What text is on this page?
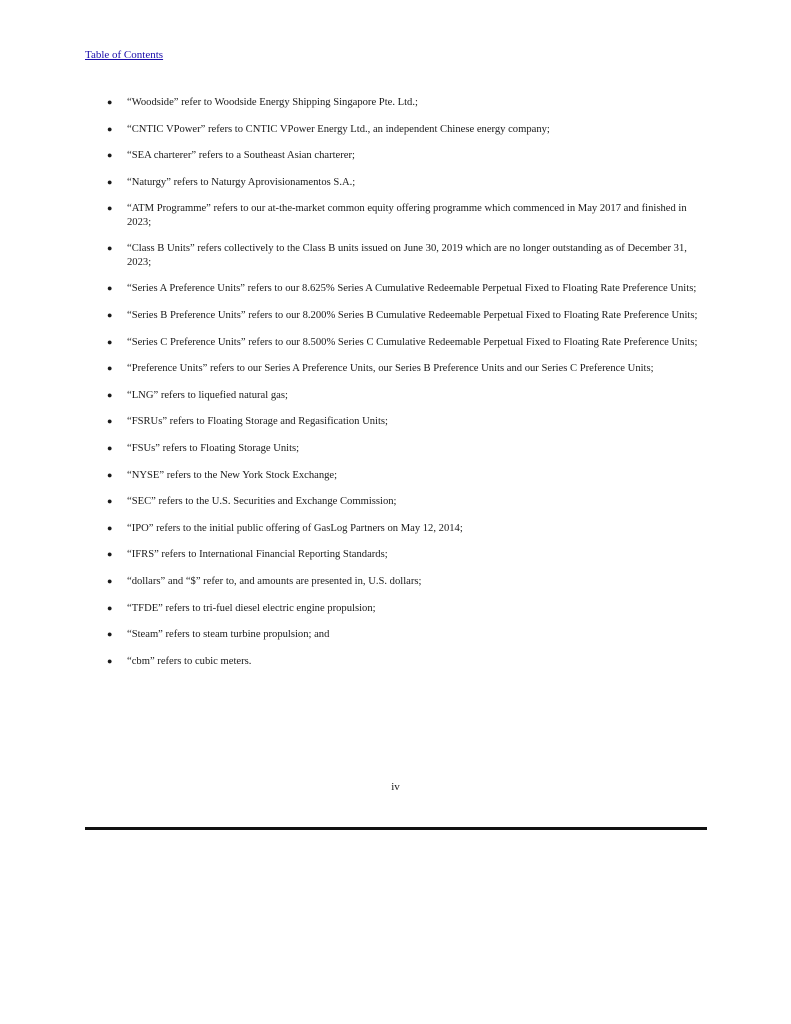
Table of Contents
●	“Woodside” refer to Woodside Energy Shipping Singapore Pte. Ltd.;
●	“CNTIC VPower” refers to CNTIC VPower Energy Ltd., an independent Chinese energy company;
●	“SEA charterer” refers to a Southeast Asian charterer;
●	“Naturgy” refers to Naturgy Aprovisionamentos S.A.;
●	“ATM Programme” refers to our at-the-market common equity offering programme which commenced in May 2017 and finished in 2023;
●	“Class B Units” refers collectively to the Class B units issued on June 30, 2019 which are no longer outstanding as of December 31, 2023;
●	“Series A Preference Units” refers to our 8.625% Series A Cumulative Redeemable Perpetual Fixed to Floating Rate Preference Units;
●	“Series B Preference Units” refers to our 8.200% Series B Cumulative Redeemable Perpetual Fixed to Floating Rate Preference Units;
●	“Series C Preference Units” refers to our 8.500% Series C Cumulative Redeemable Perpetual Fixed to Floating Rate Preference Units;
●	“Preference Units” refers to our Series A Preference Units, our Series B Preference Units and our Series C Preference Units;
●	“LNG” refers to liquefied natural gas;
●	“FSRUs” refers to Floating Storage and Regasification Units;
●	“FSUs” refers to Floating Storage Units;
●	“NYSE” refers to the New York Stock Exchange;
●	“SEC” refers to the U.S. Securities and Exchange Commission;
●	“IPO” refers to the initial public offering of GasLog Partners on May 12, 2014;
●	“IFRS” refers to International Financial Reporting Standards;
●	“dollars” and “$” refer to, and amounts are presented in, U.S. dollars;
●	“TFDE” refers to tri-fuel diesel electric engine propulsion;
●	“Steam” refers to steam turbine propulsion; and
●	“cbm” refers to cubic meters.
iv
